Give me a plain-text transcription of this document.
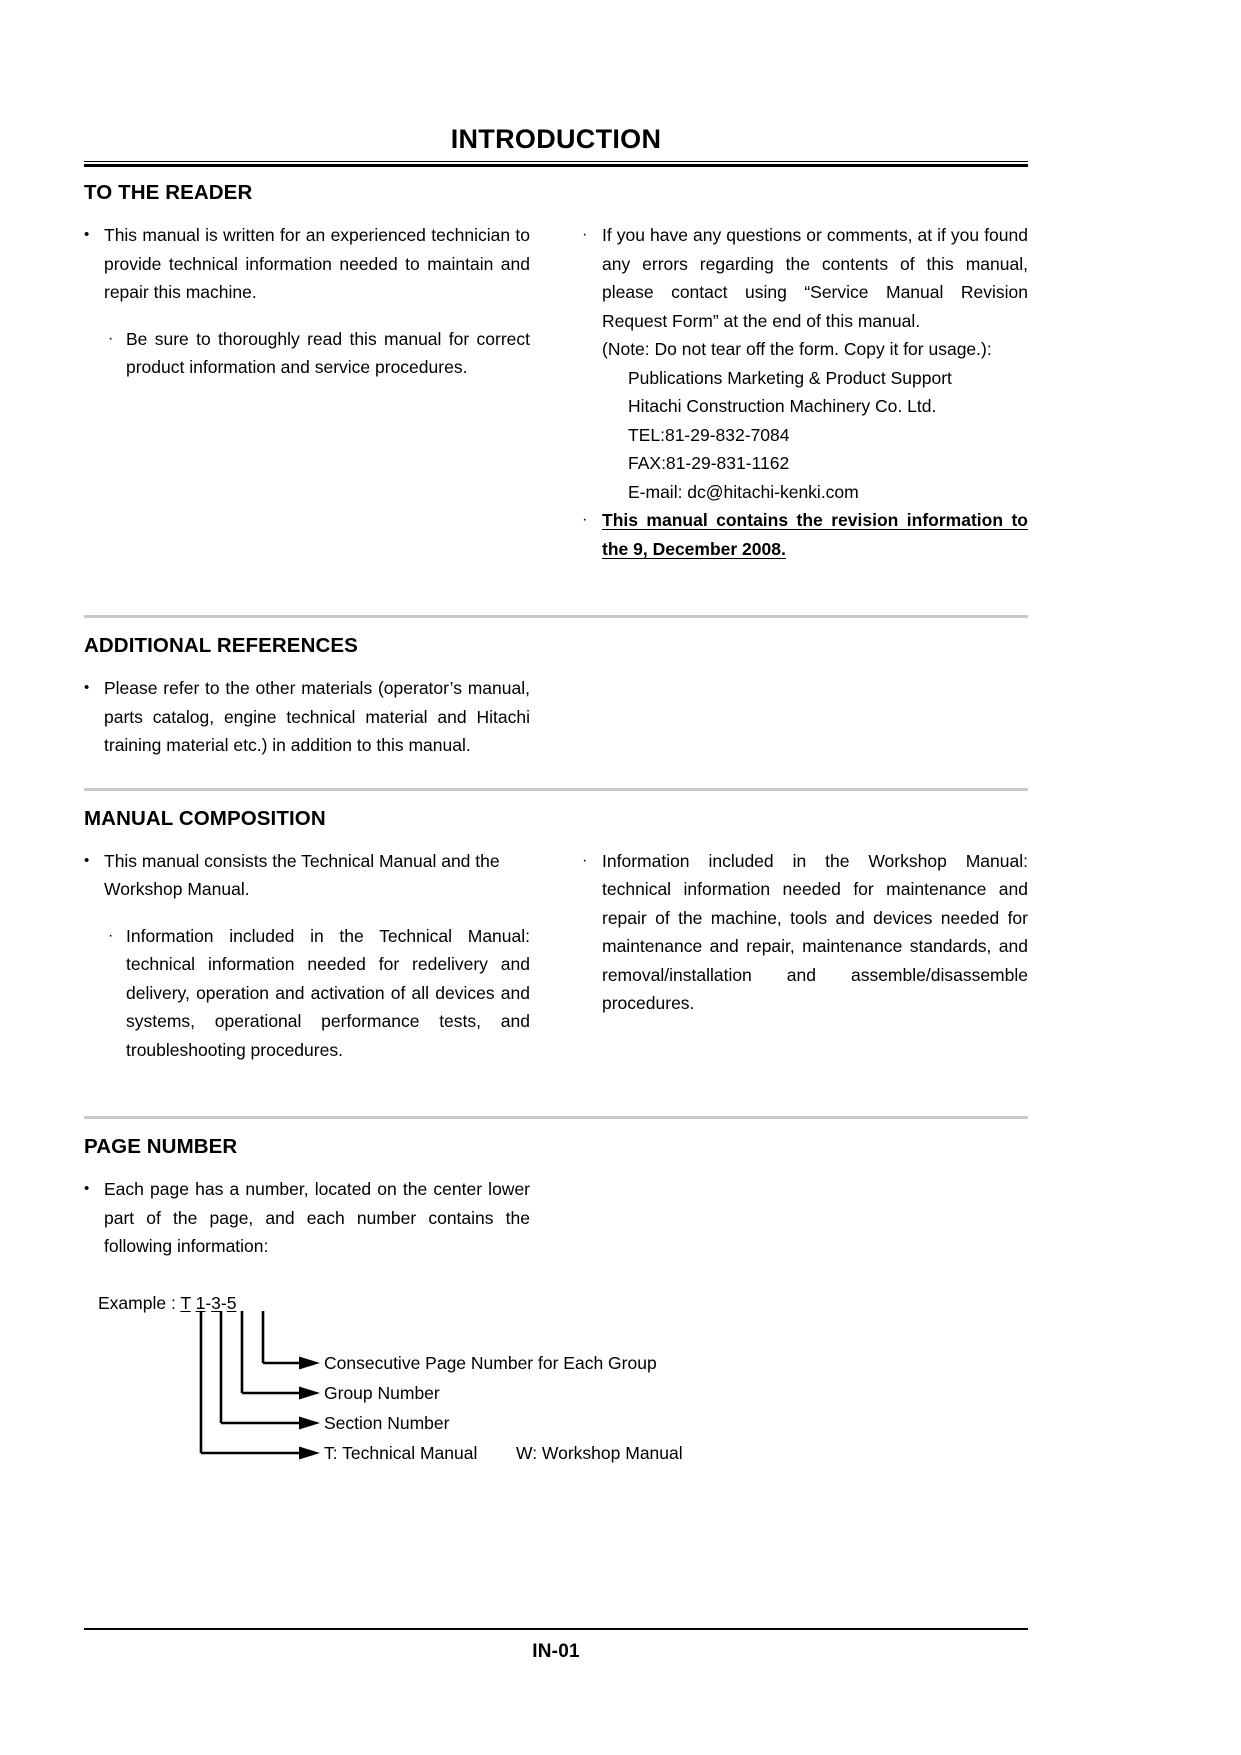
INTRODUCTION
TO THE READER
• This manual is written for an experienced technician to provide technical information needed to maintain and repair this machine.
· Be sure to thoroughly read this manual for correct product information and service procedures.
· If you have any questions or comments, at if you found any errors regarding the contents of this manual, please contact using “Service Manual Revision Request Form” at the end of this manual.
(Note: Do not tear off the form. Copy it for usage.):
Publications Marketing & Product Support
Hitachi Construction Machinery Co. Ltd.
TEL:81-29-832-7084
FAX:81-29-831-1162
E-mail: dc@hitachi-kenki.com
· This manual contains the revision information to the 9, December 2008.
ADDITIONAL REFERENCES
• Please refer to the other materials (operator’s manual, parts catalog, engine technical material and Hitachi training material etc.) in addition to this manual.
MANUAL COMPOSITION
• This manual consists the Technical Manual and the Workshop Manual.
· Information included in the Technical Manual: technical information needed for redelivery and delivery, operation and activation of all devices and systems, operational performance tests, and troubleshooting procedures.
· Information included in the Workshop Manual: technical information needed for maintenance and repair of the machine, tools and devices needed for maintenance and repair, maintenance standards, and removal/installation and assemble/disassemble procedures.
PAGE NUMBER
• Each page has a number, located on the center lower part of the page, and each number contains the following information:
Example : T 1-3-5
Consecutive Page Number for Each Group
Group Number
Section Number
T: Technical Manual W: Workshop Manual
IN-01
